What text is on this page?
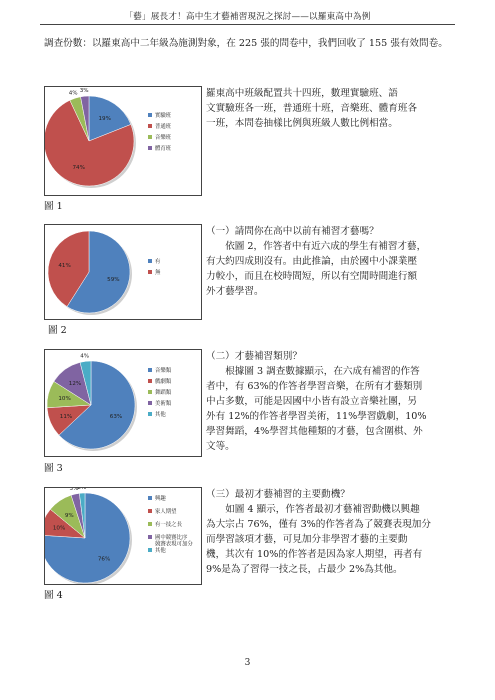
「藝」展長才！高中生才藝補習現況之探討——以羅東高中為例
調查份數：以羅東高中二年級為施測對象，在 225 張的問卷中，我們回收了 155 張有效問卷。
19%
74%
4% 3%
實驗班
普通班
音樂班
體育班
圖 1

羅東高中班級配置共十四班，數理實驗班、語

文實驗班各一班，普通班十班，音樂班、體育班各

一班，本問卷抽樣比例與班級人數比例相當。

59%
41%
有
無
圖 2

（一）請問你在高中以前有補習才藝嗎？

依圖 2，作答者中有近六成的學生有補習才藝，

有大約四成則沒有。由此推論，由於國中小課業壓

力較小，而且在校時間短，所以有空閒時間進行額

外才藝學習。

63%
11%
10%
12%
4%
音樂類
戲劇類
舞蹈類
美術類
其他
圖 3

（二）才藝補習類別？

根據圖 3 調查數據顯示，在六成有補習的作答

者中，有 63%的作答者學習音樂，在所有才藝類別

中占多數，可能是因國中小皆有設立音樂社團，另

外有 12%的作答者學習美術，11%學習戲劇，10%

學習舞蹈，4%學習其他種類的才藝，包含圍棋、外

文等。

76%
10%
9%
3% 2%
興趣
家人期望
有一技之長
國中競賽比序
競賽表現可加分
其他
圖 4

（三）最初才藝補習的主要動機？

如圖 4 顯示，作答者最初才藝補習動機以興趣

為大宗占 76%，僅有 3%的作答者為了競賽表現加分

而學習該項才藝，可見加分非學習才藝的主要動

機，其次有 10%的作答者是因為家人期望，再者有

9%是為了習得一技之長，占最少 2%為其他。

3
